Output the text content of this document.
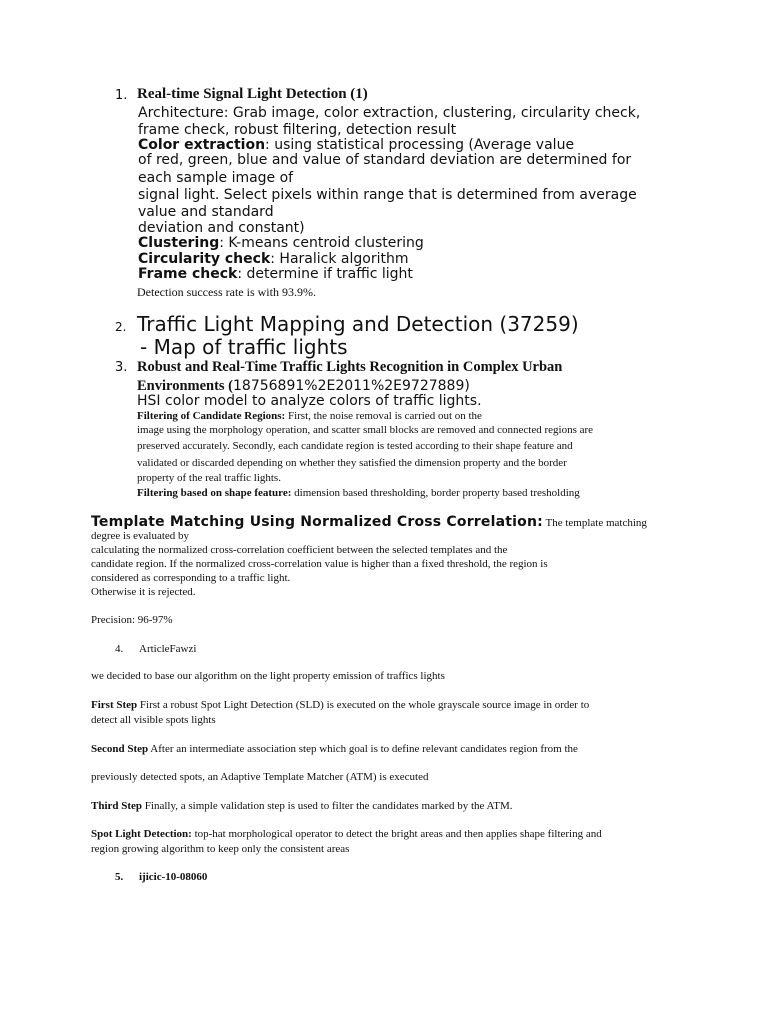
1. Real-time Signal Light Detection (1)
Architecture: Grab image, color extraction, clustering, circularity check,
frame check, robust filtering, detection result
Color extraction: using statistical processing (Average value
of red, green, blue and value of standard deviation are determined for
each sample image of
signal light. Select pixels within range that is determined from average
value and standard
deviation and constant)
Clustering: K-means centroid clustering
Circularity check: Haralick algorithm
Frame check: determine if traffic light
Detection success rate is with 93.9%.
2. Traffic Light Mapping and Detection (37259)
- Map of traffic lights
3. Robust and Real-Time Traffic Lights Recognition in Complex Urban
Environments (18756891%2E2011%2E9727889)
HSI color model to analyze colors of traffic lights.
Filtering of Candidate Regions: First, the noise removal is carried out on the
image using the morphology operation, and scatter small blocks are removed and connected regions are
preserved accurately. Secondly, each candidate region is tested according to their shape feature and
validated or discarded depending on whether they satisfied the dimension property and the border
property of the real traffic lights.
Filtering based on shape feature: dimension based thresholding, border property based tresholding
Template Matching Using Normalized Cross Correlation: The template matching
degree is evaluated by
calculating the normalized cross-correlation coefficient between the selected templates and the
candidate region. If the normalized cross-correlation value is higher than a fixed threshold, the region is
considered as corresponding to a traffic light.
Otherwise it is rejected.
Precision: 96-97%
4. ArticleFawzi
we decided to base our algorithm on the light property emission of traffics lights
First Step First a robust Spot Light Detection (SLD) is executed on the whole grayscale source image in order to
detect all visible spots lights
Second Step After an intermediate association step which goal is to define relevant candidates region from the
previously detected spots, an Adaptive Template Matcher (ATM) is executed
Third Step Finally, a simple validation step is used to filter the candidates marked by the ATM.
Spot Light Detection: top-hat morphological operator to detect the bright areas and then applies shape filtering and
region growing algorithm to keep only the consistent areas
5. ijicic-10-08060
